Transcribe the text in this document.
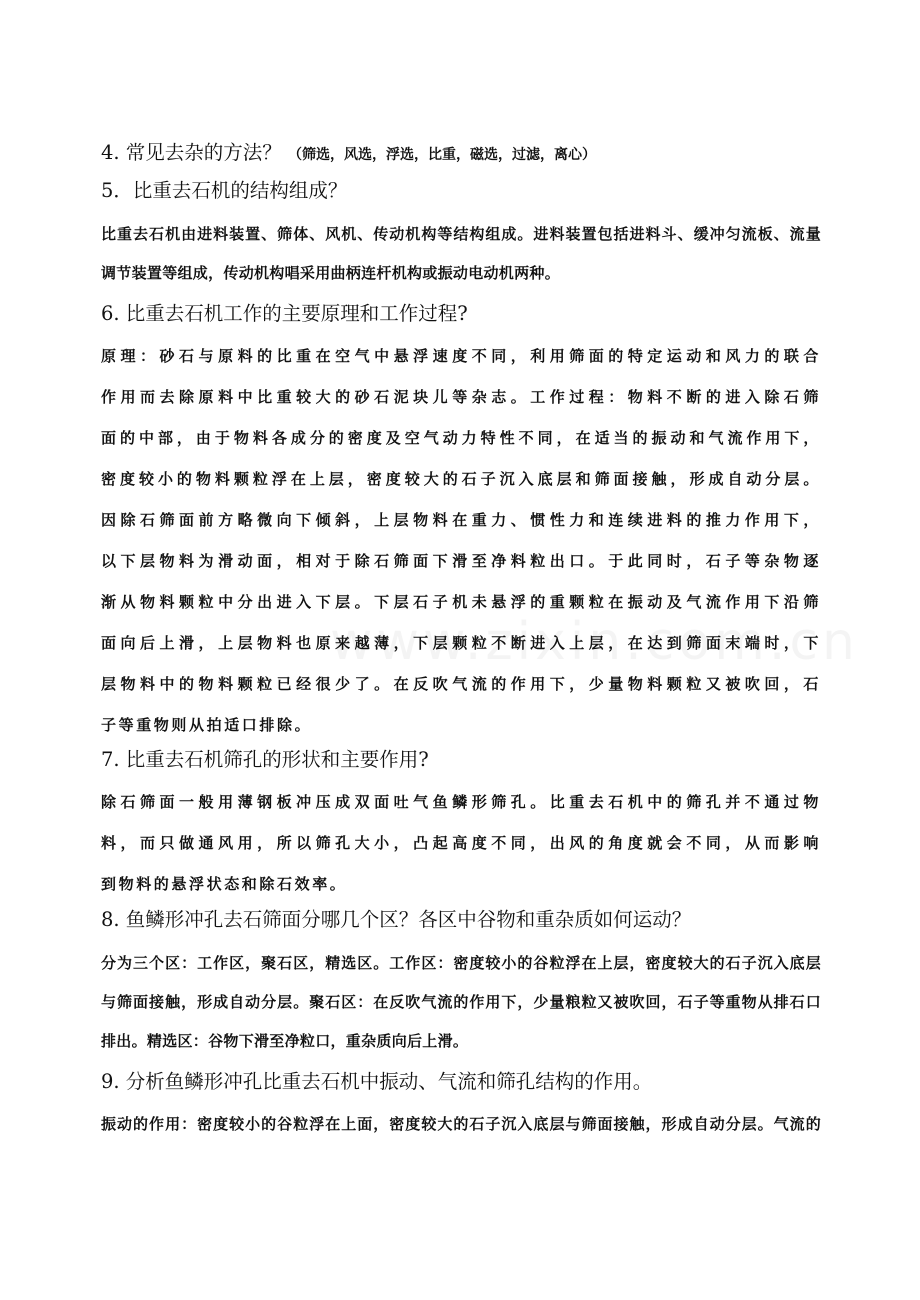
4. 常见去杂的方法？ （筛选，风选，浮选，比重，磁选，过滤，离心）
5．比重去石机的结构组成？
比重去石机由进料装置、筛体、风机、传动机构等结构组成。进料装置包括进料斗、缓冲匀流板、流量
调节装置等组成，传动机构唱采用曲柄连杆机构或振动电动机两种。
6. 比重去石机工作的主要原理和工作过程?
原理：砂石与原料的比重在空气中悬浮速度不同，利用筛面的特定运动和风力的联合
作用而去除原料中比重较大的砂石泥块儿等杂志。工作过程：物料不断的进入除石筛
面的中部，由于物料各成分的密度及空气动力特性不同，在适当的振动和气流作用下，
密度较小的物料颗粒浮在上层，密度较大的石子沉入底层和筛面接触，形成自动分层。
因除石筛面前方略微向下倾斜，上层物料在重力、惯性力和连续进料的推力作用下，
以下层物料为滑动面，相对于除石筛面下滑至净料粒出口。于此同时，石子等杂物逐
渐从物料颗粒中分出进入下层。下层石子机未悬浮的重颗粒在振动及气流作用下沿筛
面向后上滑，上层物料也原来越薄，下层颗粒不断进入上层，在达到筛面末端时，下
层物料中的物料颗粒已经很少了。在反吹气流的作用下，少量物料颗粒又被吹回，石
子等重物则从拍适口排除。
7. 比重去石机筛孔的形状和主要作用?
除石筛面一般用薄钢板冲压成双面吐气鱼鳞形筛孔。比重去石机中的筛孔并不通过物
料，而只做通风用，所以筛孔大小，凸起高度不同，出风的角度就会不同，从而影响
到物料的悬浮状态和除石效率。
8. 鱼鳞形冲孔去石筛面分哪几个区？各区中谷物和重杂质如何运动？
分为三个区：工作区，聚石区，精选区。工作区：密度较小的谷粒浮在上层，密度较大的石子沉入底层
与筛面接触，形成自动分层。聚石区：在反吹气流的作用下，少量粮粒又被吹回，石子等重物从排石口
排出。精选区：谷物下滑至净粒口，重杂质向后上滑。
9. 分析鱼鳞形冲孔比重去石机中振动、气流和筛孔结构的作用。
振动的作用：密度较小的谷粒浮在上面，密度较大的石子沉入底层与筛面接触，形成自动分层。气流的
